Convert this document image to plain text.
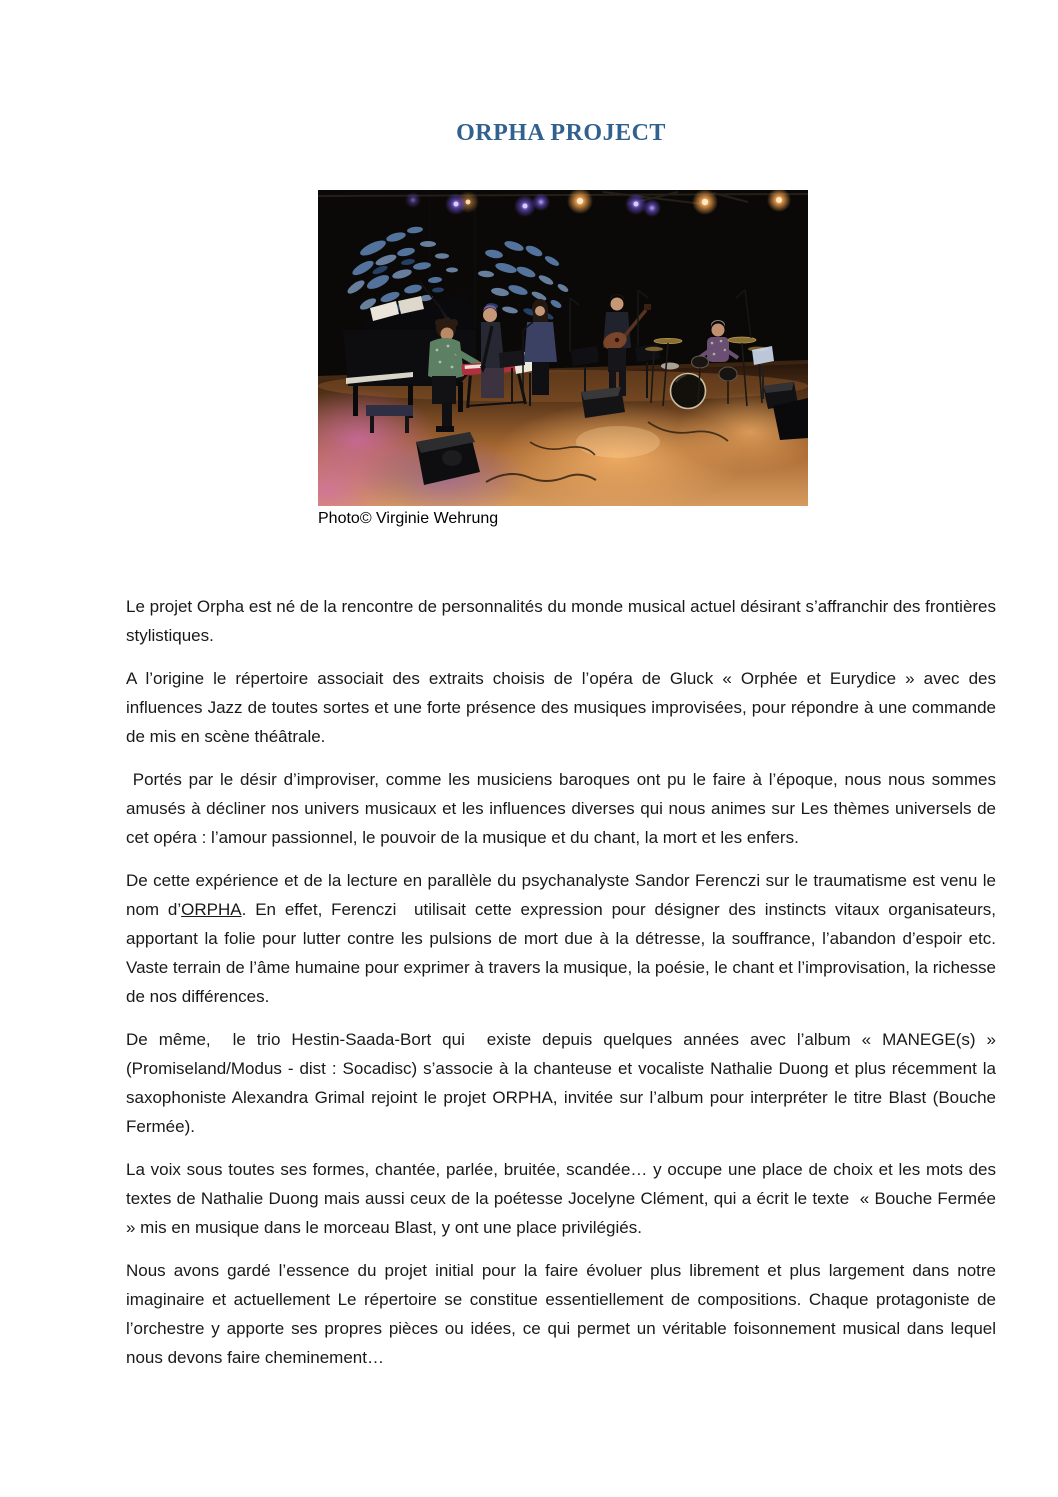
ORPHA PROJECT
Photo© Virginie Wehrung

Le projet Orpha est né de la rencontre de personnalités du monde musical actuel désirant s’affranchir des frontières stylistiques.

A l’origine le répertoire associait des extraits choisis de l’opéra de Gluck « Orphée et Eurydice » avec des influences Jazz de toutes sortes et une forte présence des musiques improvisées, pour répondre à une commande de mis en scène théâtrale.

Portés par le désir d’improviser, comme les musiciens baroques ont pu le faire à l’époque, nous nous sommes amusés à décliner nos univers musicaux et les influences diverses qui nous animes sur Les thèmes universels de cet opéra : l’amour passionnel, le pouvoir de la musique et du chant, la mort et les enfers.

De cette expérience et de la lecture en parallèle du psychanalyste Sandor Ferenczi sur le traumatisme est venu le nom d’ORPHA. En effet, Ferenczi  utilisait cette expression pour désigner des instincts vitaux organisateurs, apportant la folie pour lutter contre les pulsions de mort due à la détresse, la souffrance, l’abandon d’espoir etc. Vaste terrain de l’âme humaine pour exprimer à travers la musique, la poésie, le chant et l’improvisation, la richesse de nos différences.

De même,  le trio Hestin-Saada-Bort qui  existe depuis quelques années avec l’album « MANEGE(s) » (Promiseland/Modus - dist : Socadisc) s’associe à la chanteuse et vocaliste Nathalie Duong et plus récemment la saxophoniste Alexandra Grimal rejoint le projet ORPHA, invitée sur l’album pour interpréter le titre Blast (Bouche Fermée).

La voix sous toutes ses formes, chantée, parlée, bruitée, scandée… y occupe une place de choix et les mots des textes de Nathalie Duong mais aussi ceux de la poétesse Jocelyne Clément, qui a écrit le texte  « Bouche Fermée » mis en musique dans le morceau Blast, y ont une place privilégiés.

Nous avons gardé l’essence du projet initial pour la faire évoluer plus librement et plus largement dans notre imaginaire et actuellement Le répertoire se constitue essentiellement de compositions. Chaque protagoniste de l’orchestre y apporte ses propres pièces ou idées, ce qui permet un véritable foisonnement musical dans lequel nous devons faire cheminement…
